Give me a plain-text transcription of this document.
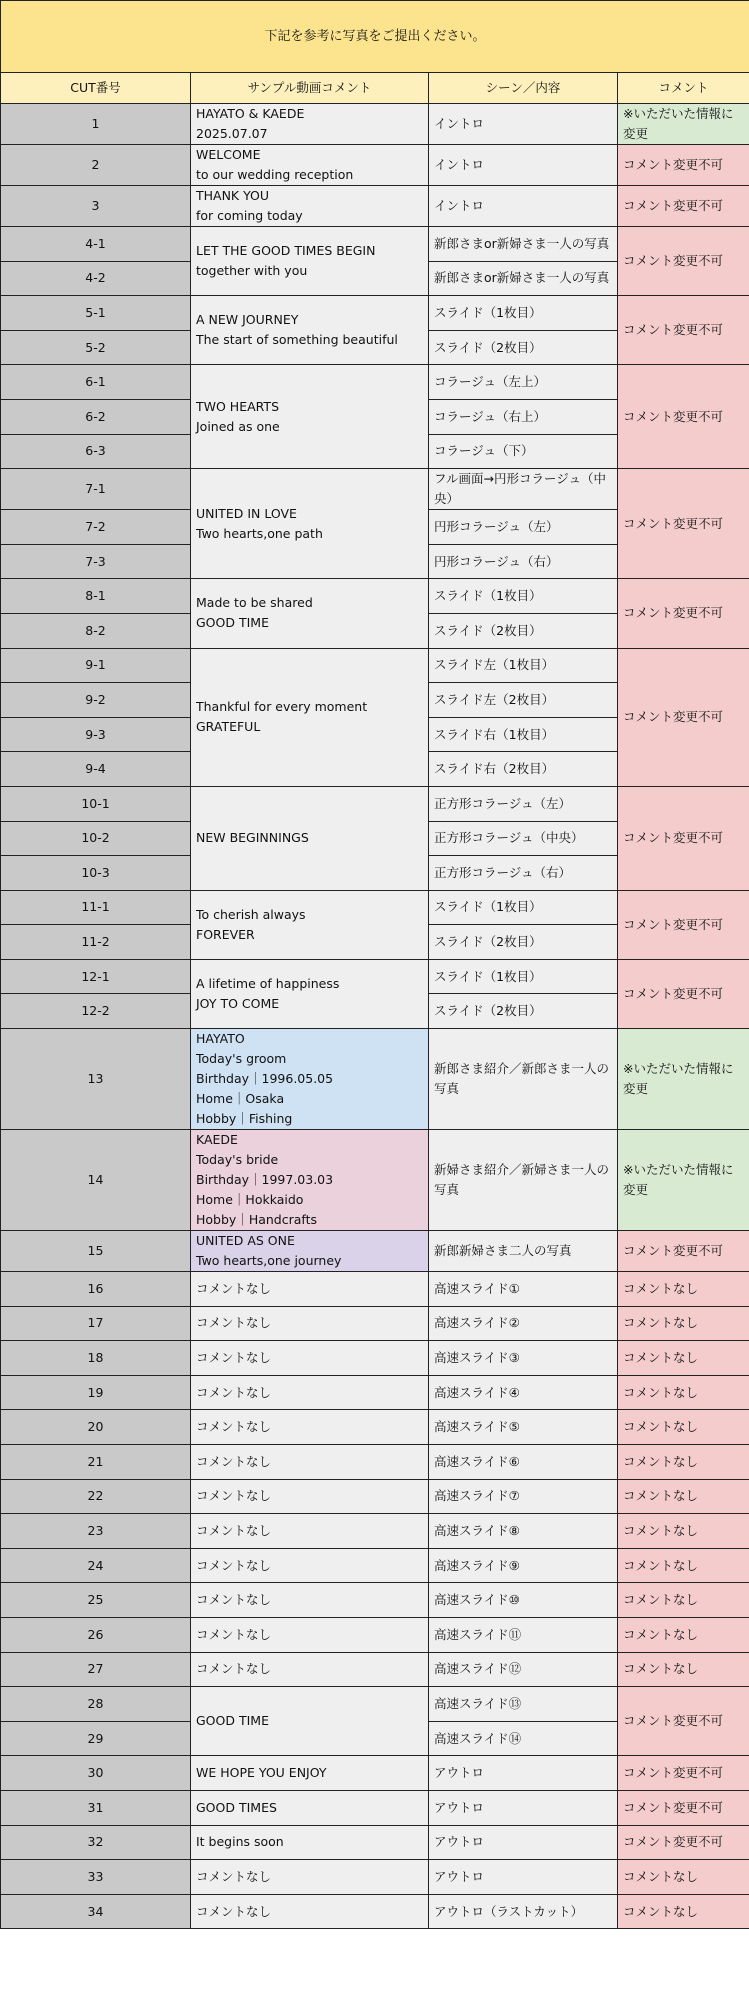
下記を参考に写真をご提出ください。			
CUT番号	サンプル動画コメント	シーン／内容	コメント
1	HAYATO & KAEDE
2025.07.07	イントロ	※いただいた情報に変更
2	WELCOME
to our wedding reception	イントロ	コメント変更不可
3	THANK YOU
for coming today	イントロ	コメント変更不可
4-1	LET THE GOOD TIMES BEGIN
together with you	新郎さまor新婦さま一人の写真	コメント変更不可
4-2		新郎さまor新婦さま一人の写真	
5-1	A NEW JOURNEY
The start of something beautiful	スライド（1枚目）	コメント変更不可
5-2		スライド（2枚目）	
6-1	TWO HEARTS
Joined as one	コラージュ（左上）	コメント変更不可
6-2		コラージュ（右上）	
6-3		コラージュ（下）	
7-1	UNITED IN LOVE
Two hearts,one path	フル画面→円形コラージュ（中央）	コメント変更不可
7-2		円形コラージュ（左）	
7-3		円形コラージュ（右）	
8-1	Made to be shared
GOOD TIME	スライド（1枚目）	コメント変更不可
8-2		スライド（2枚目）	
9-1	Thankful for every moment
GRATEFUL	スライド左（1枚目）	コメント変更不可
9-2		スライド左（2枚目）	
9-3		スライド右（1枚目）	
9-4		スライド右（2枚目）	
10-1	NEW BEGINNINGS	正方形コラージュ（左）	コメント変更不可
10-2		正方形コラージュ（中央）	
10-3		正方形コラージュ（右）	
11-1	To cherish always
FOREVER	スライド（1枚目）	コメント変更不可
11-2		スライド（2枚目）	
12-1	A lifetime of happiness
JOY TO COME	スライド（1枚目）	コメント変更不可
12-2		スライド（2枚目）	
13	HAYATO
Today's groom
Birthday｜1996.05.05
Home｜Osaka
Hobby｜Fishing	新郎さま紹介／新郎さま一人の写真	※いただいた情報に変更
14	KAEDE
Today's bride
Birthday｜1997.03.03
Home｜Hokkaido
Hobby｜Handcrafts	新婦さま紹介／新婦さま一人の写真	※いただいた情報に変更
15	UNITED AS ONE
Two hearts,one journey	新郎新婦さま二人の写真	コメント変更不可
16	コメントなし	高速スライド①	コメントなし
17	コメントなし	高速スライド②	コメントなし
18	コメントなし	高速スライド③	コメントなし
19	コメントなし	高速スライド④	コメントなし
20	コメントなし	高速スライド⑤	コメントなし
21	コメントなし	高速スライド⑥	コメントなし
22	コメントなし	高速スライド⑦	コメントなし
23	コメントなし	高速スライド⑧	コメントなし
24	コメントなし	高速スライド⑨	コメントなし
25	コメントなし	高速スライド⑩	コメントなし
26	コメントなし	高速スライド⑪	コメントなし
27	コメントなし	高速スライド⑫	コメントなし
28	GOOD TIME	高速スライド⑬	コメント変更不可
29		高速スライド⑭	
30	WE HOPE YOU ENJOY	アウトロ	コメント変更不可
31	GOOD TIMES	アウトロ	コメント変更不可
32	It begins soon	アウトロ	コメント変更不可
33	コメントなし	アウトロ	コメントなし
34	コメントなし	アウトロ（ラストカット）	コメントなし
